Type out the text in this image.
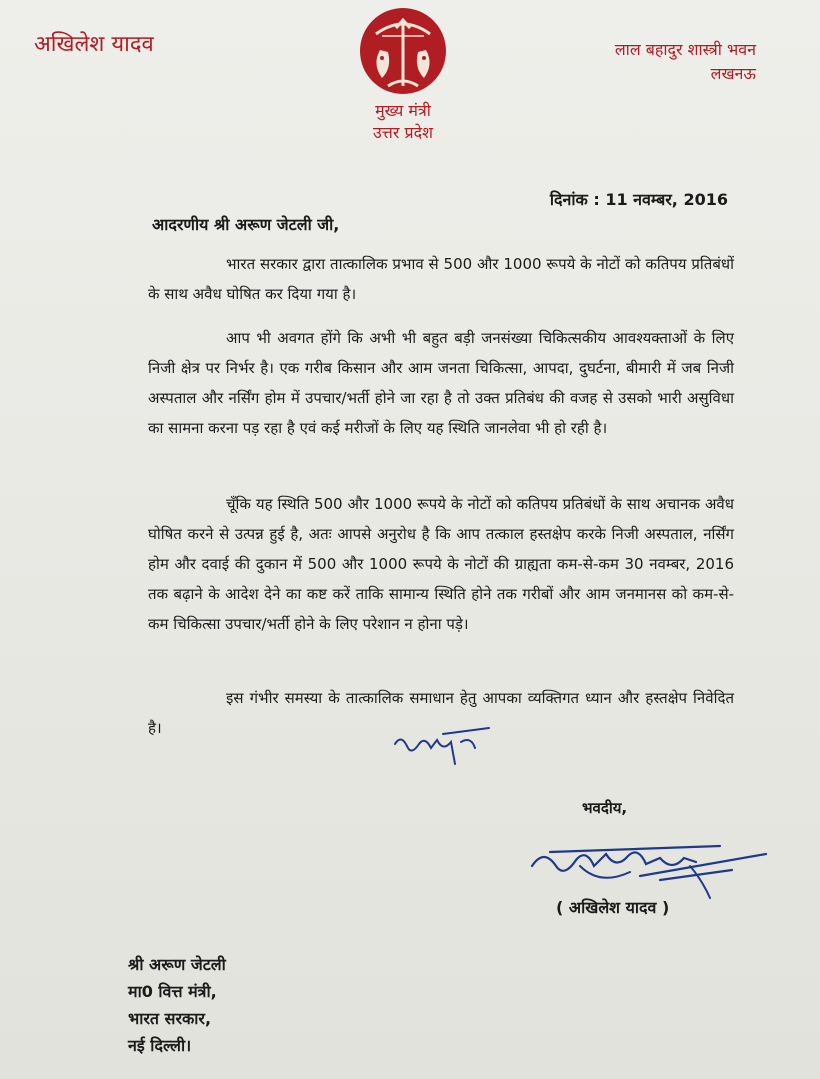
अखिलेश यादव
मुख्य मंत्री
उत्तर प्रदेश
लाल बहादुर शास्त्री भवन
लखनऊ
दिनांक : 11 नवम्बर, 2016
आदरणीय श्री अरूण जेटली जी,
भारत सरकार द्वारा तात्कालिक प्रभाव से 500 और 1000 रूपये के नोटों को कतिपय प्रतिबंधों के साथ अवैध घोषित कर दिया गया है।
आप भी अवगत होंगे कि अभी भी बहुत बड़ी जनसंख्या चिकित्सकीय आवश्यक्ताओं के लिए निजी क्षेत्र पर निर्भर है। एक गरीब किसान और आम जनता चिकित्सा, आपदा, दुघर्टना, बीमारी में जब निजी अस्पताल और नर्सिंग होम में उपचार/भर्ती होने जा रहा है तो उक्त प्रतिबंध की वजह से उसको भारी असुविधा का सामना करना पड़ रहा है एवं कई मरीजों के लिए यह स्थिति जानलेवा भी हो रही है।
चूँकि यह स्थिति 500 और 1000 रूपये के नोटों को कतिपय प्रतिबंधों के साथ अचानक अवैध घोषित करने से उत्पन्न हुई है, अतः आपसे अनुरोध है कि आप तत्काल हस्तक्षेप करके निजी अस्पताल, नर्सिंग होम और दवाई की दुकान में 500 और 1000 रूपये के नोटों की ग्राह्यता कम-से-कम 30 नवम्बर, 2016 तक बढ़ाने के आदेश देने का कष्ट करें ताकि सामान्य स्थिति होने तक गरीबों और आम जनमानस को कम-से-कम चिकित्सा उपचार/भर्ती होने के लिए परेशान न होना पड़े।
इस गंभीर समस्या के तात्कालिक समाधान हेतु आपका व्यक्तिगत ध्यान और हस्तक्षेप निवेदित है।
भवदीय,
( अखिलेश यादव )
श्री अरूण जेटली
मा0 वित्त मंत्री,
भारत सरकार,
नई दिल्ली।
